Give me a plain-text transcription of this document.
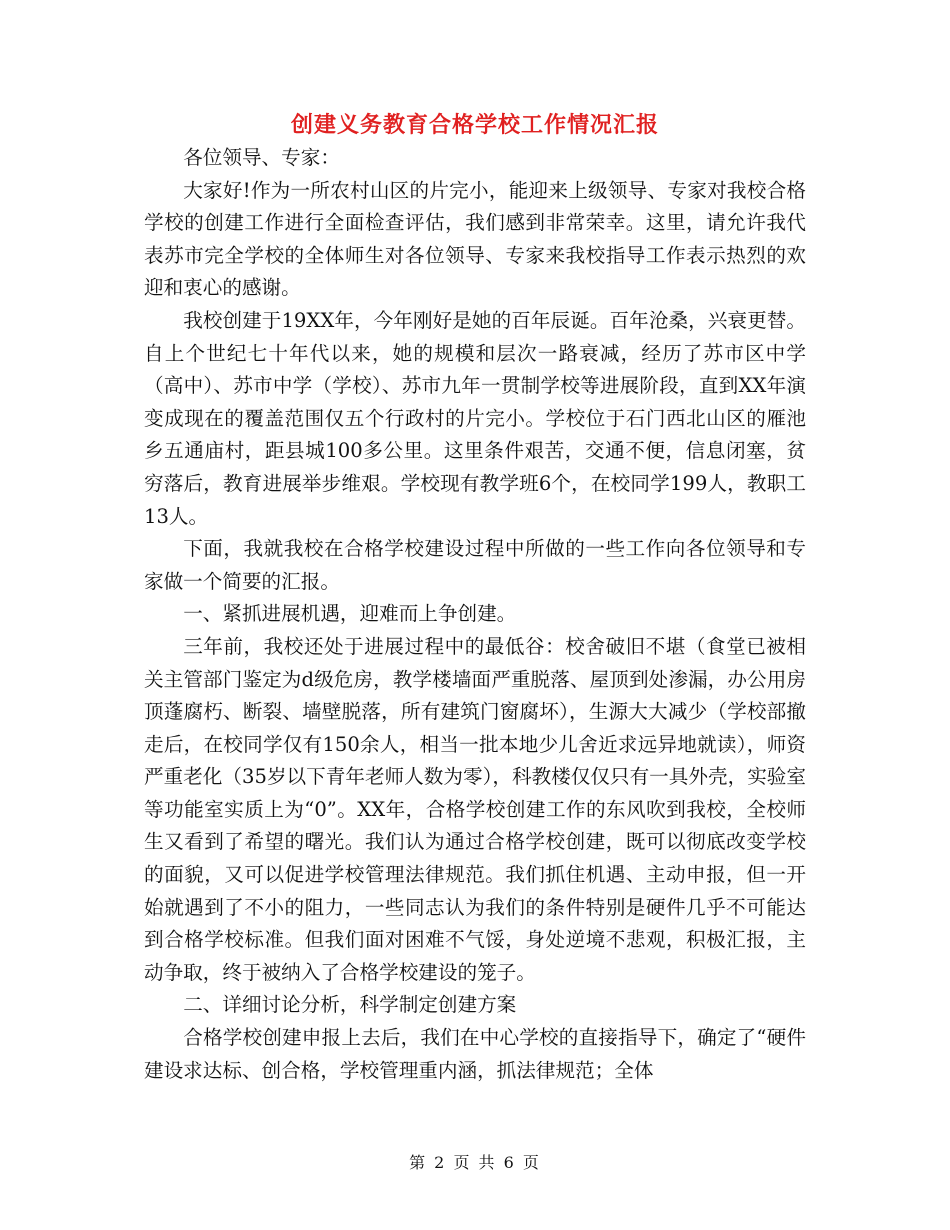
创建义务教育合格学校工作情况汇报

各位领导、专家：

大家好!作为一所农村山区的片完小，能迎来上级领导、专家对我校合格学校的创建工作进行全面检查评估，我们感到非常荣幸。这里，请允许我代表苏市完全学校的全体师生对各位领导、专家来我校指导工作表示热烈的欢迎和衷心的感谢。

我校创建于19XX年，今年刚好是她的百年辰诞。百年沧桑，兴衰更替。自上个世纪七十年代以来，她的规模和层次一路衰减，经历了苏市区中学（高中）、苏市中学（学校）、苏市九年一贯制学校等进展阶段，直到XX年演变成现在的覆盖范围仅五个行政村的片完小。学校位于石门西北山区的雁池乡五通庙村，距县城100多公里。这里条件艰苦，交通不便，信息闭塞，贫穷落后，教育进展举步维艰。学校现有教学班6个，在校同学199人，教职工13人。

下面，我就我校在合格学校建设过程中所做的一些工作向各位领导和专家做一个简要的汇报。

一、紧抓进展机遇，迎难而上争创建。

三年前，我校还处于进展过程中的最低谷：校舍破旧不堪（食堂已被相关主管部门鉴定为d级危房，教学楼墙面严重脱落、屋顶到处渗漏，办公用房顶蓬腐朽、断裂、墙壁脱落，所有建筑门窗腐坏），生源大大减少（学校部撤走后，在校同学仅有150余人，相当一批本地少儿舍近求远异地就读），师资严重老化（35岁以下青年老师人数为零），科教楼仅仅只有一具外壳，实验室等功能室实质上为“0”。XX年，合格学校创建工作的东风吹到我校，全校师生又看到了希望的曙光。我们认为通过合格学校创建，既可以彻底改变学校的面貌，又可以促进学校管理法律规范。我们抓住机遇、主动申报，但一开始就遇到了不小的阻力，一些同志认为我们的条件特别是硬件几乎不可能达到合格学校标准。但我们面对困难不气馁，身处逆境不悲观，积极汇报，主动争取，终于被纳入了合格学校建设的笼子。

二、详细讨论分析，科学制定创建方案

合格学校创建申报上去后，我们在中心学校的直接指导下，确定了“硬件建设求达标、创合格，学校管理重内涵，抓法律规范；全体

第 2 页 共 6 页
